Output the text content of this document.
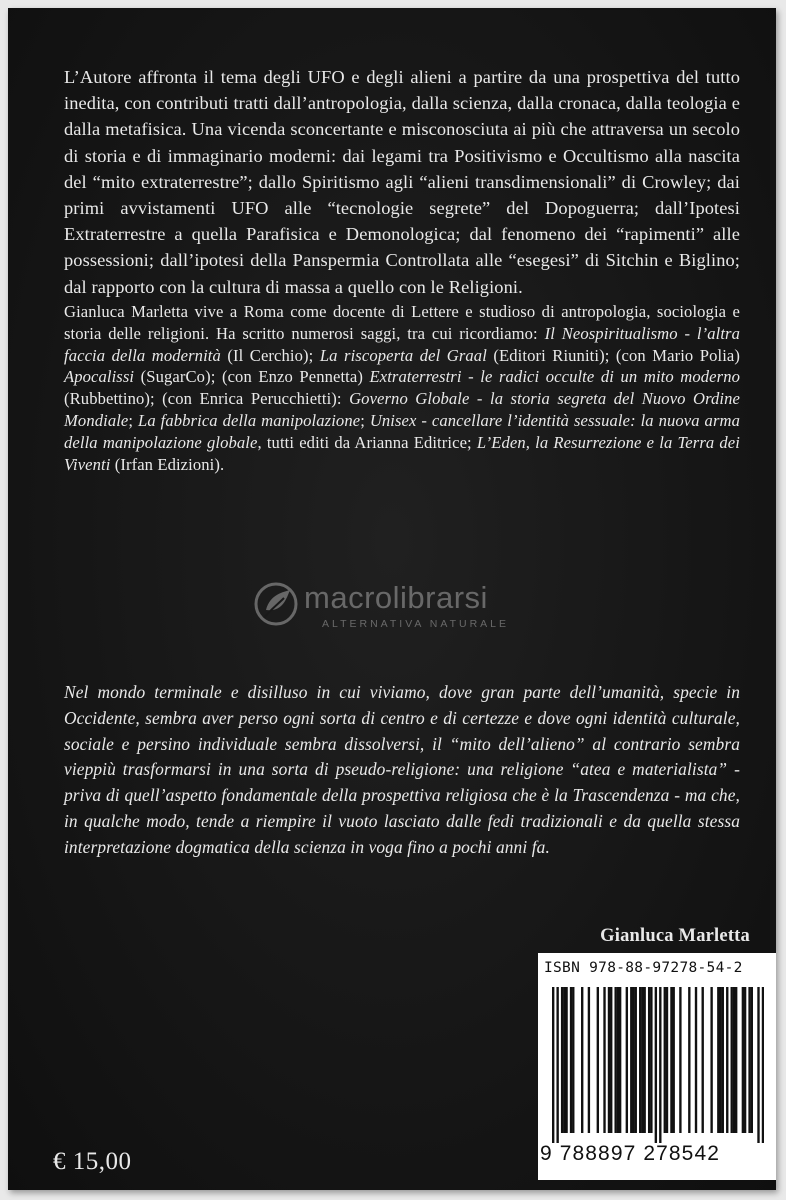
L’Autore affronta il tema degli UFO e degli alieni a partire da una prospettiva del tutto inedita, con contributi tratti dall’antropologia, dalla scienza, dalla cronaca, dalla teologia e dalla metafisica. Una vicenda sconcertante e misconosciuta ai più che attraversa un secolo di storia e di immaginario moderni: dai legami tra Positivismo e Occultismo alla nascita del “mito extraterrestre”; dallo Spiritismo agli “alieni transdimensionali” di Crowley; dai primi avvistamenti UFO alle “tecnologie segrete” del Dopoguerra; dall’Ipotesi Extraterrestre a quella Parafisica e Demonologica; dal fenomeno dei “rapimenti” alle possessioni; dall’ipotesi della Panspermia Controllata alle “esegesi” di Sitchin e Biglino; dal rapporto con la cultura di massa a quello con le Religioni.

Gianluca Marletta vive a Roma come docente di Lettere e studioso di antropologia, sociologia e storia delle religioni. Ha scritto numerosi saggi, tra cui ricordiamo: Il Neospiritualismo - l’altra faccia della modernità (Il Cerchio); La riscoperta del Graal (Editori Riuniti); (con Mario Polia) Apocalissi (SugarCo); (con Enzo Pennetta) Extraterrestri - le radici occulte di un mito moderno (Rubbettino); (con Enrica Perucchietti): Governo Globale - la storia segreta del Nuovo Ordine Mondiale; La fabbrica della manipolazione; Unisex - cancellare l’identità sessuale: la nuova arma della manipolazione globale, tutti editi da Arianna Editrice; L’Eden, la Resurrezione e la Terra dei Viventi (Irfan Edizioni).

macrolibrarsi
ALTERNATIVA NATURALE

Nel mondo terminale e disilluso in cui viviamo, dove gran parte dell’umanità, specie in Occidente, sembra aver perso ogni sorta di centro e di certezze e dove ogni identità culturale, sociale e persino individuale sembra dissolversi, il “mito dell’alieno” al contrario sembra vieppiù trasformarsi in una sorta di pseudo-religione: una religione “atea e materialista” - priva di quell’aspetto fondamentale della prospettiva religiosa che è la Trascendenza - ma che, in qualche modo, tende a riempire il vuoto lasciato dalle fedi tradizionali e da quella stessa interpretazione dogmatica della scienza in voga fino a pochi anni fa.

Gianluca Marletta
ISBN 978-88-97278-54-2
9 788897 278542
€ 15,00
